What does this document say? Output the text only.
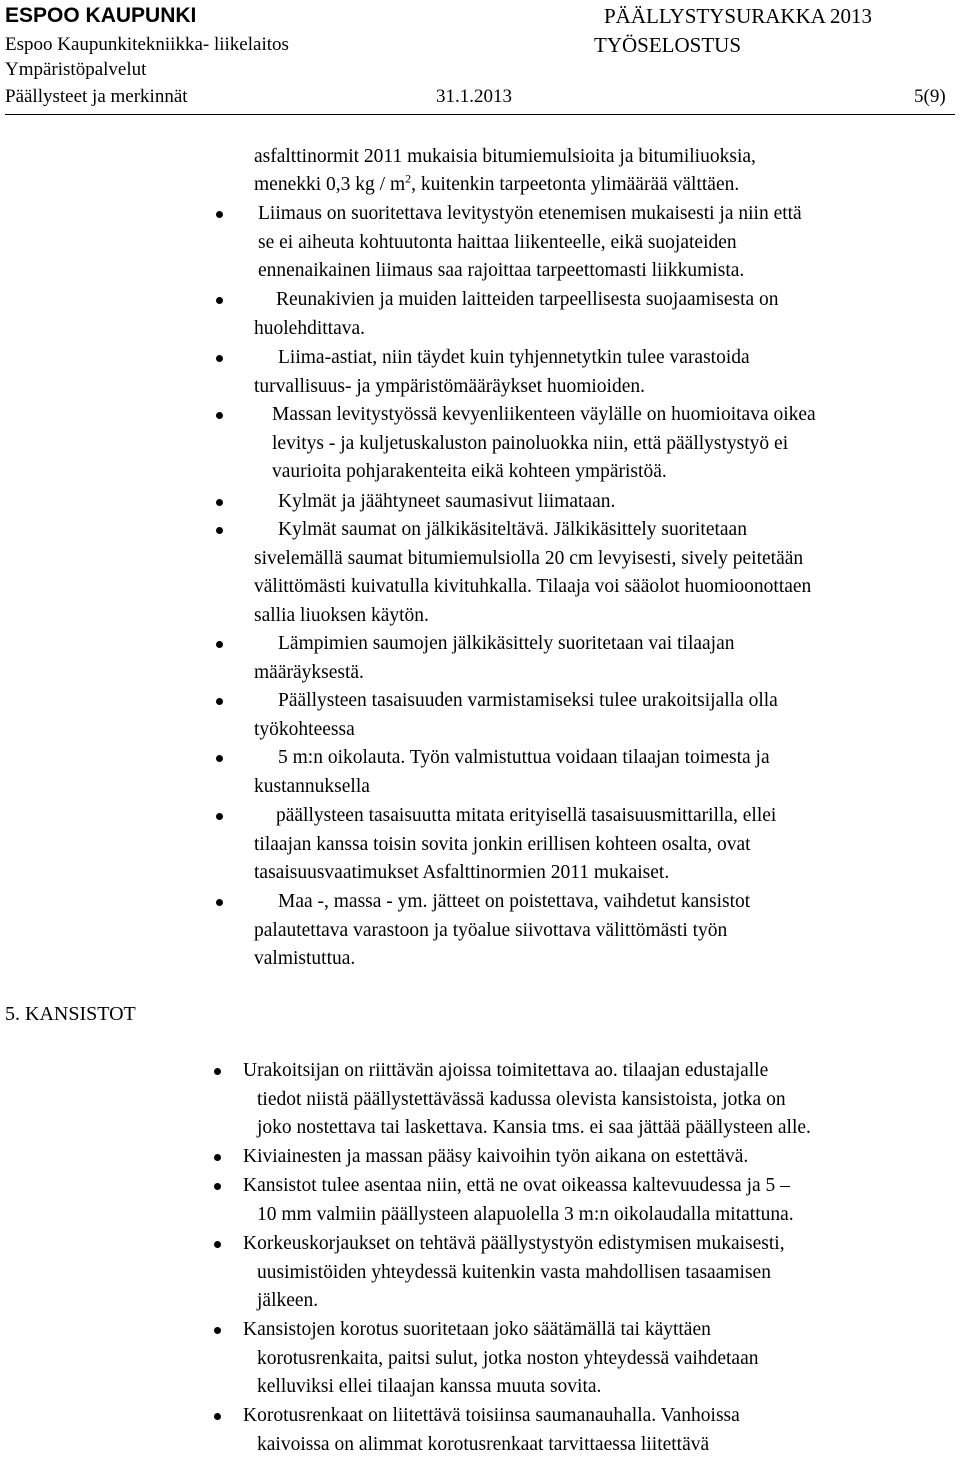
ESPOO KAUPUNKI
Espoo Kaupunkitekniikka- liikelaitos
Ympäristöpalvelut
Päällysteet ja merkinnät	31.1.2013
PÄÄLLYSTYSURAKKA 2013
TYÖSELOSTUS
5(9)
asfalttinormit 2011 mukaisia bitumiemulsioita ja bitumiliuoksia,
menekki 0,3 kg / $m^2$, kuitenkin tarpeetonta ylimäärää välttäen.
Liimaus on suoritettava levitystyön etenemisen mukaisesti ja niin että
se ei aiheuta kohtuutonta haittaa liikenteelle, eikä suojateiden
ennenaikainen liimaus saa rajoittaa tarpeettomasti liikkumista.
Reunakivien ja muiden laitteiden tarpeellisesta suojaamisesta on
huolehdittava.
Liima-astiat, niin täydet kuin tyhjennetytkin tulee varastoida
turvallisuus- ja ympäristömääräykset huomioiden.
Massan levitystyössä kevyenliikenteen väylälle on huomioitava oikea
levitys - ja kuljetuskaluston painoluokka niin, että päällystystyö ei
vaurioita pohjarakenteita eikä kohteen ympäristöä.
Kylmät ja jäähtyneet saumasivut liimataan.
Kylmät saumat on jälkikäsiteltävä. Jälkikäsittely suoritetaan
sivelemällä saumat bitumiemulsiolla 20 cm levyisesti, sively peitetään
välittömästi kuivatulla kivituhkalla. Tilaaja voi sääolot huomioonottaen
sallia liuoksen käytön.
Lämpimien saumojen jälkikäsittely suoritetaan vai tilaajan
määräyksestä.
Päällysteen tasaisuuden varmistamiseksi tulee urakoitsijalla olla
työkohteessa
5 m:n oikolauta. Työn valmistuttua voidaan tilaajan toimesta ja
kustannuksella
päällysteen tasaisuutta mitata erityisellä tasaisuusmittarilla, ellei
tilaajan kanssa toisin sovita jonkin erillisen kohteen osalta, ovat
tasaisuusvaatimukset Asfalttinormien 2011 mukaiset.
Maa -, massa - ym. jätteet on poistettava, vaihdetut kansistot
palautettava varastoon ja työalue siivottava välittömästi työn
valmistuttua.
5. KANSISTOT
Urakoitsijan on riittävän ajoissa toimitettava ao. tilaajan edustajalle
tiedot niistä päällystettävässä kadussa olevista kansistoista, jotka on
joko nostettava tai laskettava. Kansia tms. ei saa jättää päällysteen alle.
Kiviainesten ja massan pääsy kaivoihin työn aikana on estettävä.
Kansistot tulee asentaa niin, että ne ovat oikeassa kaltevuudessa ja 5 –
10 mm valmiin päällysteen alapuolella 3 m:n oikolaudalla mitattuna.
Korkeuskorjaukset on tehtävä päällystystyön edistymisen mukaisesti,
uusimistöiden yhteydessä kuitenkin vasta mahdollisen tasaamisen
jälkeen.
Kansistojen korotus suoritetaan joko säätämällä tai käyttäen
korotusrenkaita, paitsi sulut, jotka noston yhteydessä vaihdetaan
kelluviksi ellei tilaajan kanssa muuta sovita.
Korotusrenkaat on liitettävä toisiinsa saumanauhalla. Vanhoissa
kaivoissa on alimmat korotusrenkaat tarvittaessa liitettävä
